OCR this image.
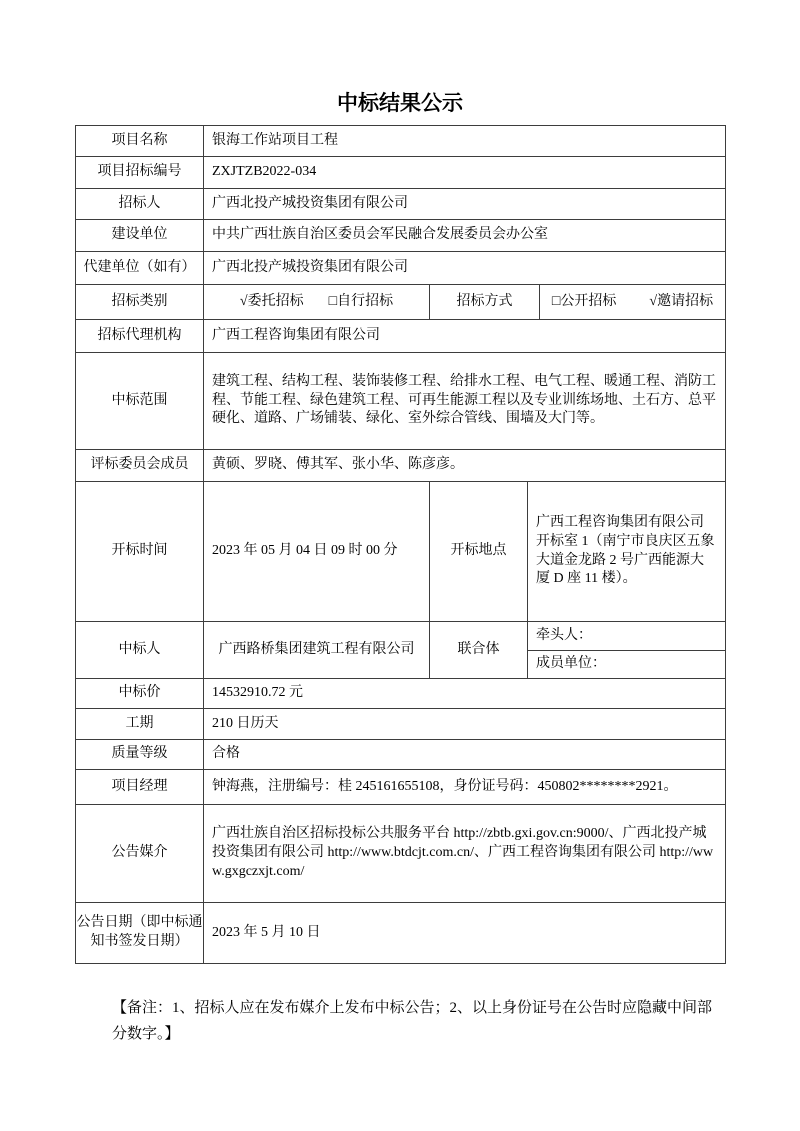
中标结果公示
项目名称	银海工作站项目工程			
项目招标编号	ZXJTZB2022-034			
招标人	广西北投产城投资集团有限公司			
建设单位	中共广西壮族自治区委员会军民融合发展委员会办公室			
代建单位（如有）	广西北投产城投资集团有限公司			
招标类别	√委托招标 □自行招标	招标方式		□公开招标 √邀请招标

招标代理机构	广西工程咨询集团有限公司			
中标范围	建筑工程、结构工程、装饰装修工程、给排水工程、电气工程、暖通工程、消防工程、节能工程、绿色建筑工程、可再生能源工程以及专业训练场地、土石方、总平硬化、道路、广场铺装、绿化、室外综合管线、围墙及大门等。			
评标委员会成员	黄硕、罗晓、傅其军、张小华、陈彦彦。			
开标时间	2023 年 05 月 04 日 09 时 00 分	开标地点	广西工程咨询集团有限公司开标室 1（南宁市良庆区五象大道金龙路 2 号广西能源大厦 D 座 11 楼）。	
中标人	广西路桥集团建筑工程有限公司	联合体	牵头人：	
			成员单位：	
中标价	14532910.72 元			
工期	210 日历天			
质量等级	合格			
项目经理	钟海燕，注册编号：桂 245161655108，身份证号码：450802********2921。			
公告媒介	广西壮族自治区招标投标公共服务平台 http://zbtb.gxi.gov.cn:9000/、广西北投产城投资集团有限公司 http://www.btdcjt.com.cn/、广西工程咨询集团有限公司 http://www.gxgczxjt.com/			
公告日期（即中标通知书签发日期）	2023 年 5 月 10 日			
【备注：1、招标人应在发布媒介上发布中标公告；2、以上身份证号在公告时应隐藏中间部分数字。】
